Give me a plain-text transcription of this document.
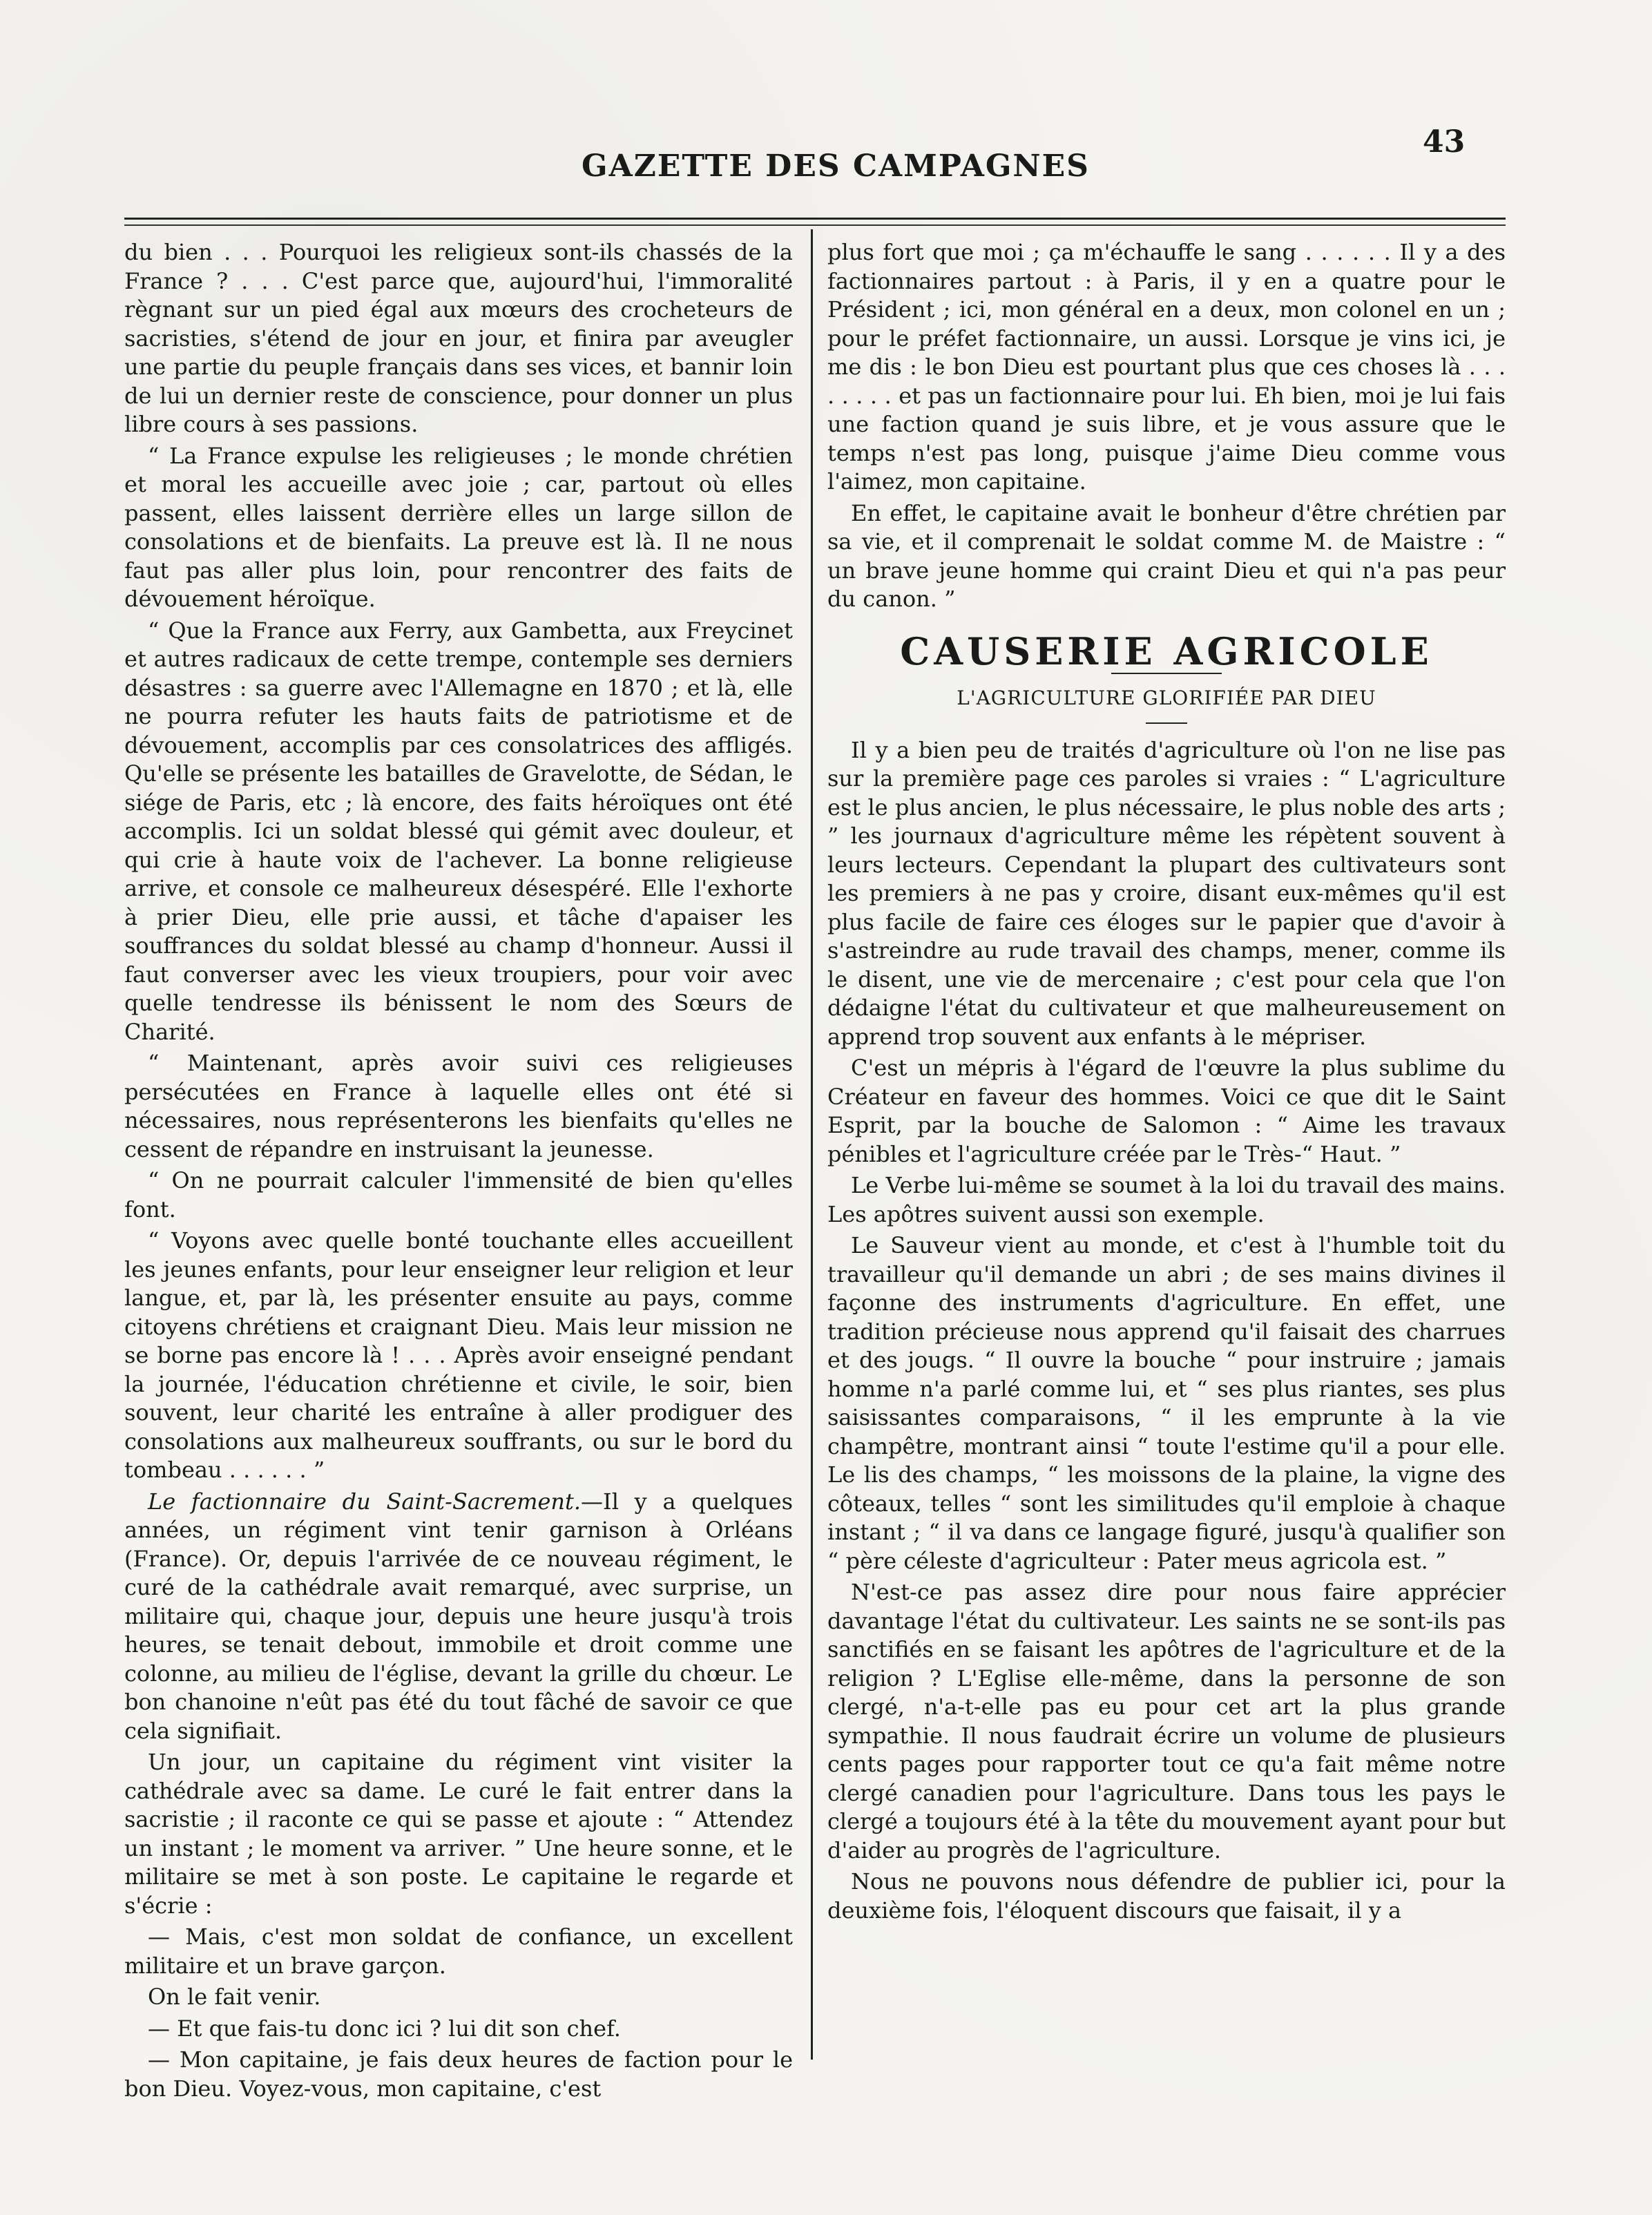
GAZETTE DES CAMPAGNES
43

du bien . . . Pourquoi les religieux sont-ils chassés de la France ? . . . C'est parce que, aujourd'hui, l'immoralité règnant sur un pied égal aux mœurs des crocheteurs de sacristies, s'étend de jour en jour, et finira par aveugler une partie du peuple français dans ses vices, et bannir loin de lui un dernier reste de conscience, pour donner un plus libre cours à ses passions.

“ La France expulse les religieuses ; le monde chrétien et moral les accueille avec joie ; car, partout où elles passent, elles laissent derrière elles un large sillon de consolations et de bienfaits. La preuve est là. Il ne nous faut pas aller plus loin, pour rencontrer des faits de dévouement héroïque.

“ Que la France aux Ferry, aux Gambetta, aux Freycinet et autres radicaux de cette trempe, contemple ses derniers désastres : sa guerre avec l'Allemagne en 1870 ; et là, elle ne pourra refuter les hauts faits de patriotisme et de dévouement, accomplis par ces consolatrices des affligés. Qu'elle se présente les batailles de Gravelotte, de Sédan, le siége de Paris, etc ; là encore, des faits héroïques ont été accomplis. Ici un soldat blessé qui gémit avec douleur, et qui crie à haute voix de l'achever. La bonne religieuse arrive, et console ce malheureux désespéré. Elle l'exhorte à prier Dieu, elle prie aussi, et tâche d'apaiser les souffrances du soldat blessé au champ d'honneur. Aussi il faut converser avec les vieux troupiers, pour voir avec quelle tendresse ils bénissent le nom des Sœurs de Charité.

“ Maintenant, après avoir suivi ces religieuses persécutées en France à laquelle elles ont été si nécessaires, nous représenterons les bienfaits qu'elles ne cessent de répandre en instruisant la jeunesse.

“ On ne pourrait calculer l'immensité de bien qu'elles font.

“ Voyons avec quelle bonté touchante elles accueillent les jeunes enfants, pour leur enseigner leur religion et leur langue, et, par là, les présenter ensuite au pays, comme citoyens chrétiens et craignant Dieu. Mais leur mission ne se borne pas encore là ! . . . Après avoir enseigné pendant la journée, l'éducation chrétienne et civile, le soir, bien souvent, leur charité les entraîne à aller prodiguer des consolations aux malheureux souffrants, ou sur le bord du tombeau . . . . . . ”

Le factionnaire du Saint-Sacrement.—Il y a quelques années, un régiment vint tenir garnison à Orléans (France). Or, depuis l'arrivée de ce nouveau régiment, le curé de la cathédrale avait remarqué, avec surprise, un militaire qui, chaque jour, depuis une heure jusqu'à trois heures, se tenait debout, immobile et droit comme une colonne, au milieu de l'église, devant la grille du chœur. Le bon chanoine n'eût pas été du tout fâché de savoir ce que cela signifiait.

Un jour, un capitaine du régiment vint visiter la cathédrale avec sa dame. Le curé le fait entrer dans la sacristie ; il raconte ce qui se passe et ajoute : “ Attendez un instant ; le moment va arriver. ” Une heure sonne, et le militaire se met à son poste. Le capitaine le regarde et s'écrie :

— Mais, c'est mon soldat de confiance, un excellent militaire et un brave garçon.

On le fait venir.

— Et que fais-tu donc ici ? lui dit son chef.

— Mon capitaine, je fais deux heures de faction pour le bon Dieu. Voyez-vous, mon capitaine, c'est

plus fort que moi ; ça m'échauffe le sang . . . . . . Il y a des factionnaires partout : à Paris, il y en a quatre pour le Président ; ici, mon général en a deux, mon colonel en un ; pour le préfet factionnaire, un aussi. Lorsque je vins ici, je me dis : le bon Dieu est pourtant plus que ces choses là . . . . . . . . et pas un factionnaire pour lui. Eh bien, moi je lui fais une faction quand je suis libre, et je vous assure que le temps n'est pas long, puisque j'aime Dieu comme vous l'aimez, mon capitaine.

En effet, le capitaine avait le bonheur d'être chrétien par sa vie, et il comprenait le soldat comme M. de Maistre : “ un brave jeune homme qui craint Dieu et qui n'a pas peur du canon. ”

CAUSERIE AGRICOLE
L'AGRICULTURE GLORIFIÉE PAR DIEU

Il y a bien peu de traités d'agriculture où l'on ne lise pas sur la première page ces paroles si vraies : “ L'agriculture est le plus ancien, le plus nécessaire, le plus noble des arts ; ” les journaux d'agriculture même les répètent souvent à leurs lecteurs. Cependant la plupart des cultivateurs sont les premiers à ne pas y croire, disant eux-mêmes qu'il est plus facile de faire ces éloges sur le papier que d'avoir à s'astreindre au rude travail des champs, mener, comme ils le disent, une vie de mercenaire ; c'est pour cela que l'on dédaigne l'état du cultivateur et que malheureusement on apprend trop souvent aux enfants à le mépriser.

C'est un mépris à l'égard de l'œuvre la plus sublime du Créateur en faveur des hommes. Voici ce que dit le Saint Esprit, par la bouche de Salomon : “ Aime les travaux pénibles et l'agriculture créée par le Très-“ Haut. ”

Le Verbe lui-même se soumet à la loi du travail des mains. Les apôtres suivent aussi son exemple.

Le Sauveur vient au monde, et c'est à l'humble toit du travailleur qu'il demande un abri ; de ses mains divines il façonne des instruments d'agriculture. En effet, une tradition précieuse nous apprend qu'il faisait des charrues et des jougs. “ Il ouvre la bouche “ pour instruire ; jamais homme n'a parlé comme lui, et “ ses plus riantes, ses plus saisissantes comparaisons, “ il les emprunte à la vie champêtre, montrant ainsi “ toute l'estime qu'il a pour elle. Le lis des champs, “ les moissons de la plaine, la vigne des côteaux, telles “ sont les similitudes qu'il emploie à chaque instant ; “ il va dans ce langage figuré, jusqu'à qualifier son “ père céleste d'agriculteur : Pater meus agricola est. ”

N'est-ce pas assez dire pour nous faire apprécier davantage l'état du cultivateur. Les saints ne se sont-ils pas sanctifiés en se faisant les apôtres de l'agriculture et de la religion ? L'Eglise elle-même, dans la personne de son clergé, n'a-t-elle pas eu pour cet art la plus grande sympathie. Il nous faudrait écrire un volume de plusieurs cents pages pour rapporter tout ce qu'a fait même notre clergé canadien pour l'agriculture. Dans tous les pays le clergé a toujours été à la tête du mouvement ayant pour but d'aider au progrès de l'agriculture.

Nous ne pouvons nous défendre de publier ici, pour la deuxième fois, l'éloquent discours que faisait, il y a
